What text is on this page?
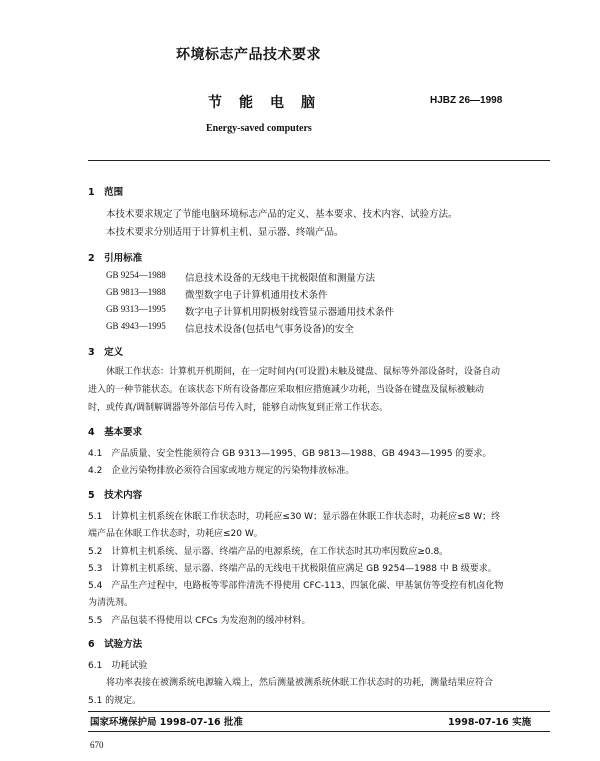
环境标志产品技术要求
节能电脑	HJBZ 26—1998
Energy-saved computers
1　范围
本技术要求规定了节能电脑环境标志产品的定义、基本要求、技术内容、试验方法。
本技术要求分别适用于计算机主机、显示器、终端产品。
2　引用标准
GB 9254—1988 信息技术设备的无线电干扰极限值和测量方法
GB 9813—1988 微型数字电子计算机通用技术条件
GB 9313—1995 数字电子计算机用阴极射线管显示器通用技术条件
GB 4943—1995 信息技术设备(包括电气事务设备)的安全
3　定义
休眠工作状态：计算机开机期间，在一定时间内(可设置)未触及键盘、鼠标等外部设备时，设备自动
进入的一种节能状态。在该状态下所有设备都应采取相应措施减少功耗，当设备在键盘及鼠标被触动
时，或传真/调制解调器等外部信号传入时，能够自动恢复到正常工作状态。
4　基本要求
4.1　产品质量、安全性能须符合 GB 9313—1995、GB 9813—1988、GB 4943—1995 的要求。
4.2　企业污染物排放必须符合国家或地方规定的污染物排放标准。
5　技术内容
5.1　计算机主机系统在休眠工作状态时，功耗应≤30 W；显示器在休眠工作状态时，功耗应≤8 W；终
端产品在休眠工作状态时，功耗应≤20 W。
5.2　计算机主机系统、显示器、终端产品的电源系统，在工作状态时其功率因数应≥0.8。
5.3　计算机主机系统、显示器、终端产品的无线电干扰极限值应满足 GB 9254—1988 中 B 级要求。
5.4　产品生产过程中，电路板等零部件清洗不得使用 CFC-113、四氯化碳、甲基氯仿等受控有机卤化物
为清洗剂。
5.5　产品包装不得使用以 CFCs 为发泡剂的缓冲材料。
6　试验方法
6.1　功耗试验
将功率表接在被测系统电源输入端上，然后测量被测系统休眠工作状态时的功耗，测量结果应符合
5.1 的规定。
国家环境保护局 1998-07-16 批准	1998-07-16 实施
670
